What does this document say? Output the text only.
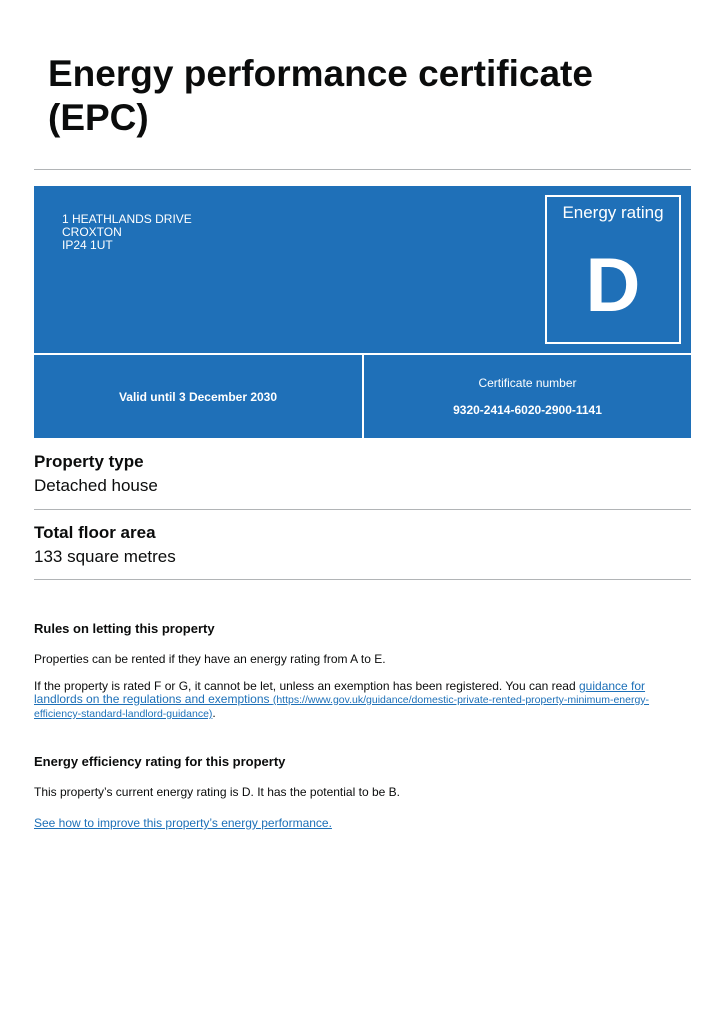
Energy performance certificate (EPC)
1 HEATHLANDS DRIVE
CROXTON
IP24 1UT
Energy rating
D
Valid until 3 December 2030
Certificate number
9320-2414-6020-2900-1141
Property type
Detached house
Total floor area
133 square metres
Rules on letting this property
Properties can be rented if they have an energy rating from A to E.
If the property is rated F or G, it cannot be let, unless an exemption has been registered. You can read guidance for landlords on the regulations and exemptions (https://www.gov.uk/guidance/domestic-private-rented-property-minimum-energy-efficiency-standard-landlord-guidance).
Energy efficiency rating for this property
This property’s current energy rating is D. It has the potential to be B.
See how to improve this property’s energy performance.
